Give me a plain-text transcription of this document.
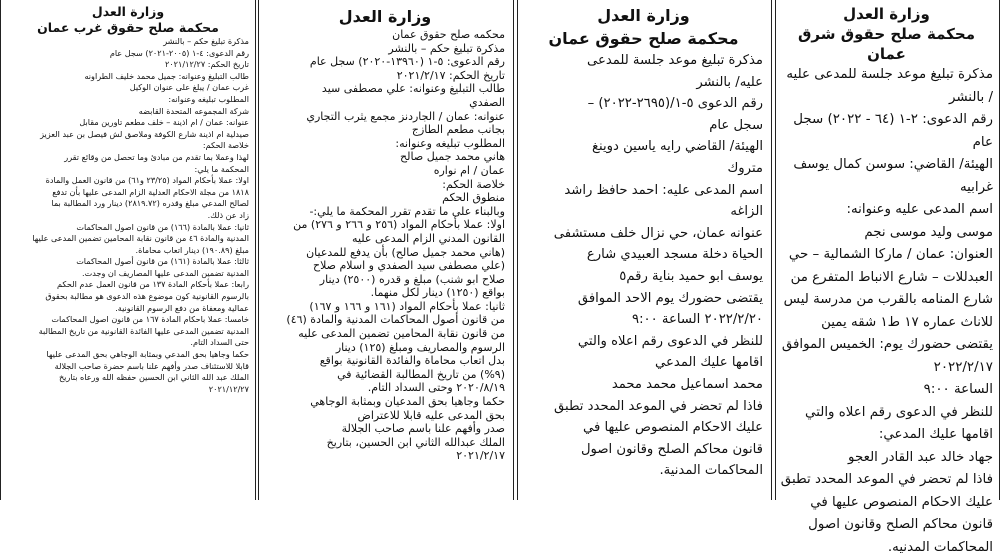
وزارة العدل

محكمة صلح حقوق شرق عمان

مذكرة تبليغ موعد جلسة للمدعى عليه

/ بالنشر

رقم الدعوى: ٢-١ (٦٤ - ٢٠٢٢) سجل

عام

الهيئة/ القاضي: سوسن كمال يوسف

غرابيه

اسم المدعى عليه وعنوانه:

موسى وليد موسى نجم

العنوان: عمان / ماركا الشمالية – حي

العبدللات – شارع الانباط المتفرع من

شارع المنامه بالقرب من مدرسة ليس

للاناث عماره ١٧ ط١ شقه يمين

يقتضى حضورك يوم: الخميس الموافق

٢٠٢٢/٢/١٧

الساعة ٩:٠٠

للنظر في الدعوى رقم اعلاه والتي

اقامها عليك المدعي:

جهاد خالد عبد القادر العجو

فاذا لم تحضر في الموعد المحدد تطبق

عليك الاحكام المنصوص عليها في

قانون محاكم الصلح وقانون اصول

المحاكمات المدنيه.

وزارة العدل

محكمة صلح حقوق عمان

مذكرة تبليغ موعد جلسة للمدعى

عليه/ بالنشر

رقم الدعوى ٥-١/(٢٦٩٥-٢٠٢٢) –

سجل عام

الهيئة/ القاضي رايه ياسين دوينغ

متروك

اسم المدعى عليه: احمد حافظ راشد

الزاغه

عنوانه عمان، حي نزال خلف مستشفى

الحياة دخلة مسجد العبيدي شارع

يوسف ابو حميد بناية رقم٥

يقتضى حضورك يوم الاحد الموافق

٢٠٢٢/٢/٢٠ الساعة ٩:٠٠

للنظر في الدعوى رقم اعلاه والتي

اقامها عليك المدعي

محمد اسماعيل محمد محمد

فاذا لم تحضر في الموعد المحدد تطبق

عليك الاحكام المنصوص عليها في

قانون محاكم الصلح وقانون اصول

المحاكمات المدنية.

وزارة العدل

محكمه صلح حقوق عمان

مذكرة تبليغ حكم – بالنشر

رقم الدعوى: ٥-١ (١٣٩٦٠-٢٠٢٠) سجل عام

تاريخ الحكم: ٢٠٢١/٢/١٧

طالب التبليغ وعنوانه: علي مصطفى سيد

الصفدي

عنوانه: عمان / الجاردنز مجمع يثرب التجاري

بجانب مطعم الطازج

المطلوب تبليغه وعنوانه:

هاني محمد جميل صالح

عمان / ام نواره

خلاصة الحكم:

منطوق الحكم

وبالبناء على ما تقدم تقرر المحكمة ما يلي:-

اولا: عملا بأحكام المواد (٢٥٦ و ٢٦٦ و ٢٧٦) من

القانون المدني الزام المدعى عليه

(هاني محمد جميل صالح) بأن يدفع للمدعيان

(علي مصطفى سيد الصفدي و اسلام صلاح

صلاح ابو شنب) مبلغ و قدره (٢٥٠٠) دينار

بواقع (١٢٥٠) دينار لكل منهما.

ثانيا: عملا بأحكام المواد (١٦١ و ١٦٦ و ١٦٧)

من قانون أصول المحاكمات المدنية والمادة (٤٦)

من قانون نقابة المحامين تضمين المدعى عليه

الرسوم والمصاريف ومبلغ (١٢٥) دينار

بدل اتعاب محاماة والفائدة القانونية بواقع

(٩%) من تاريخ المطالبة القضائية في

٢٠٢٠/٨/١٩ وحتى السداد التام.

حكما وجاهيا بحق المدعيان وبمثابة الوجاهي

بحق المدعى عليه قابلا للاعتراض

صدر وأفهم علنا باسم صاحب الجلالة

الملك عبدالله الثاني ابن الحسين، بتاريخ

٢٠٢١/٢/١٧

وزارة العدل

محكمة صلح حقوق غرب عمان

مذكرة تبليغ حكم – بالنشر

رقم الدعوى: ٤-١ (٢٠٠٥-٢٠٢١) سجل عام

تاريخ الحكم: ٢٠٢١/١٢/٢٧

طالب التبليغ وعنوانه: جميل محمد خليف الطراونه

غرب عمان / يبلغ على عنوان الوكيل

المطلوب تبليغه وعنوانه:

شركة المجموعه المتحدة القابضه

عنوانه: عمان / ام اذينة – خلف مطعم تاورين مقابل

صيدلية ام اذينة شارع الكوفة وملاصق لش فيصل بن عبد العزيز

خلاصة الحكم:

لهذا وعملا بما تقدم من مبادئ وما تحصل من وقائع تقرر

المحكمة ما يلي:

اولا: عملا بأحكام المواد (٢٣/٢٥ و٦١) من قانون العمل والمادة

١٨١٨ من مجلة الاحكام العدلية الزام المدعى عليها بأن تدفع

لصالح المدعي مبلغ وقدره (٢٨١٩.٧٢) دينار ورد المطالبة بما

زاد عن ذلك.

ثانيا: عملا بالمادة (١٦٦) من قانون اصول المحاكمات

المدنية والمادة ٤٦ من قانون نقابة المحامين تضمين المدعى عليها

مبلغ (١٩٠.٨٩) دينار اتعاب محاماة.

ثالثا: عملا بالمادة (١٦١) من قانون أصول المحاكمات

المدنية تضمين المدعى عليها المصاريف ان وجدت.

رابعا: عملا بأحكام المادة ١٣٧ من قانون العمل عدم الحكم

بالرسوم القانونية كون موضوع هذه الدعوى هو مطالبة بحقوق

عمالية ومعفاة من دفع الرسوم القانونية.

خامسا: عملا باحكام المادة ١٦٧ من قانون اصول المحاكمات

المدنية تضمين المدعى عليها الفائدة القانونية من تاريخ المطالبة

حتى السداد التام.

حكما وجاهيا بحق المدعي وبمثابة الوجاهي بحق المدعى عليها

قابلا للاستئناف صدر وأفهم علنا باسم حضرة صاحب الجلالة

الملك عبد الله الثاني ابن الحسين حفظه الله ورعاه بتاريخ

٢٠٢١/١٢/٢٧
